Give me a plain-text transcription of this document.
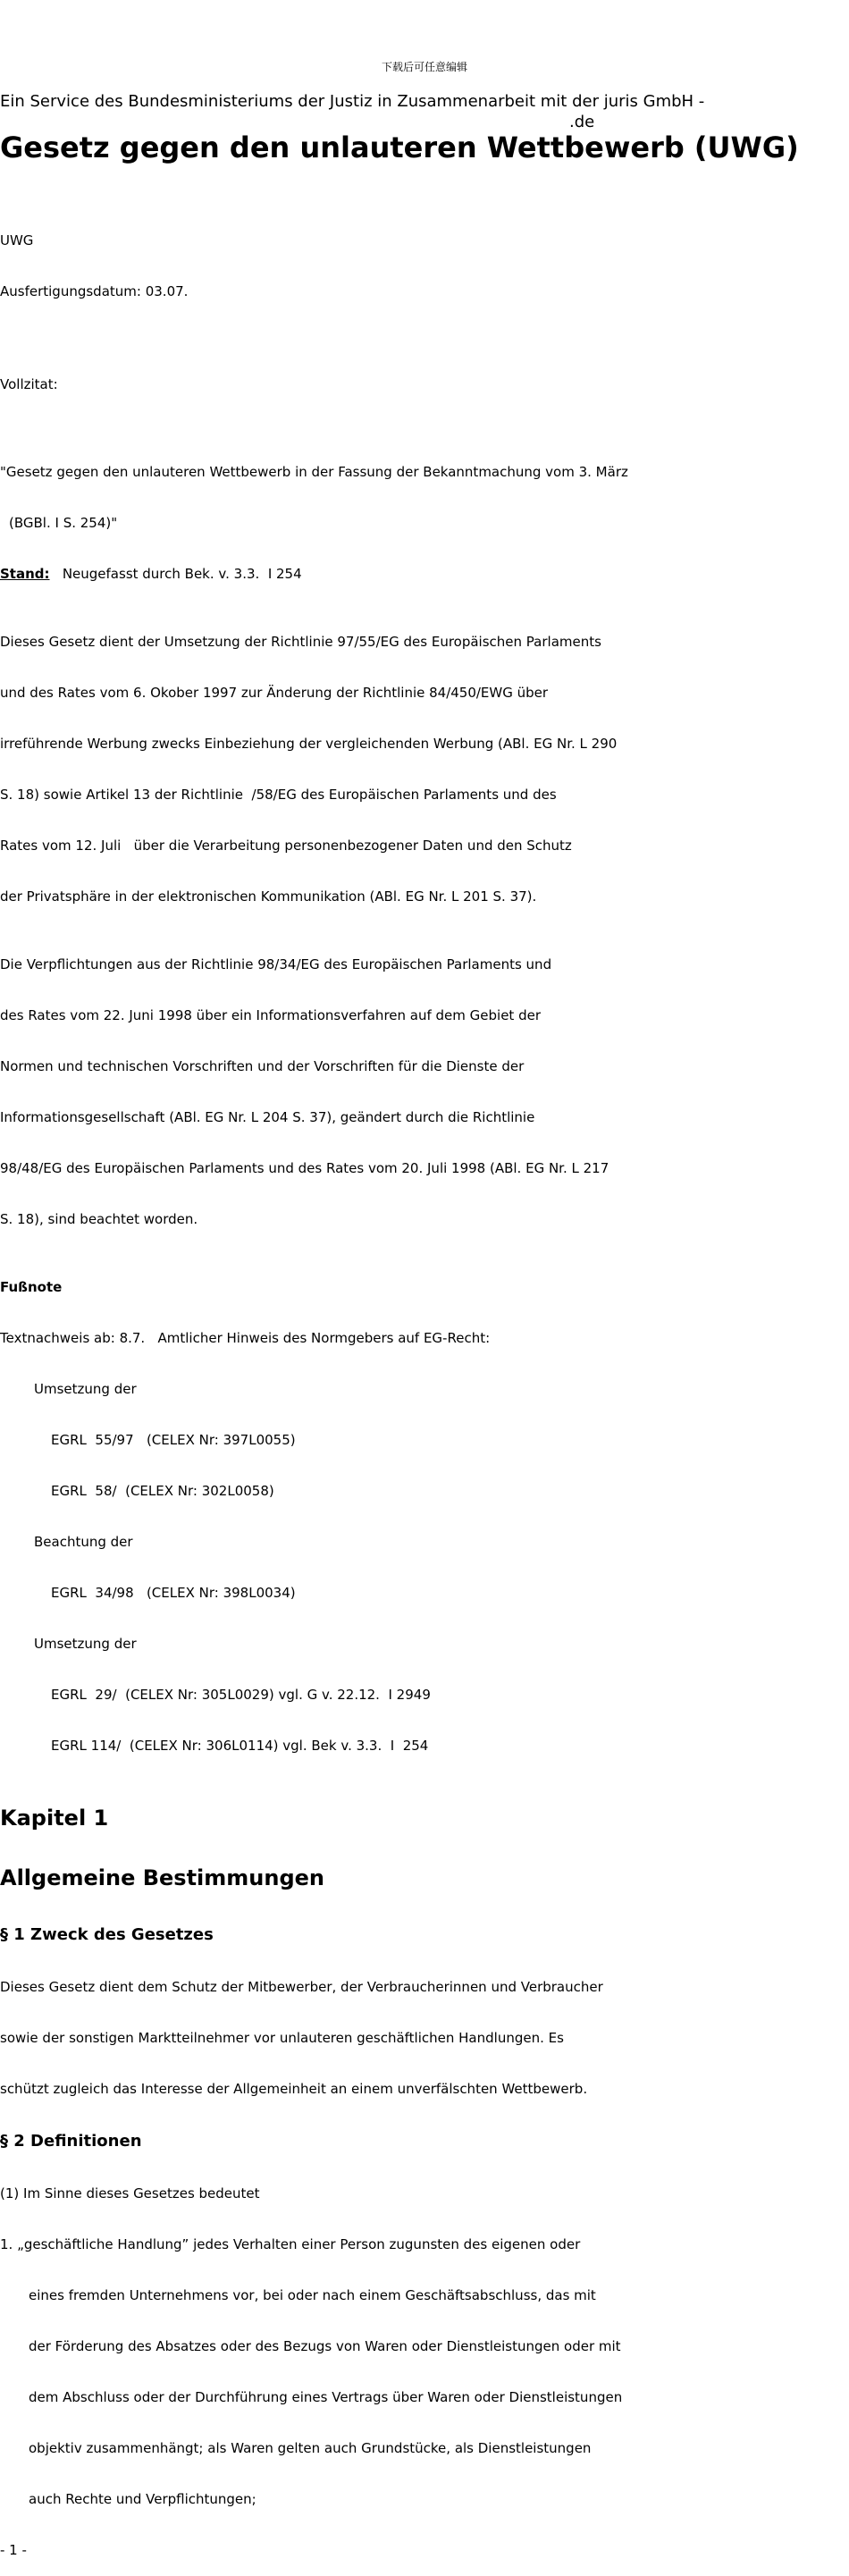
下载后可任意编辑
Ein Service des Bundesministeriums der Justiz in Zusammenarbeit mit der juris GmbH -
.de
Gesetz gegen den unlauteren Wettbewerb (UWG)

UWG

Ausfertigungsdatum: 03.07.

Vollzitat:

"Gesetz gegen den unlauteren Wettbewerb in der Fassung der Bekanntmachung vom 3. März

(BGBl. I S. 254)"

Stand:   Neugefasst durch Bek. v. 3.3.  I 254

Dieses Gesetz dient der Umsetzung der Richtlinie 97/55/EG des Europäischen Parlaments

und des Rates vom 6. Okober 1997 zur Änderung der Richtlinie 84/450/EWG über

irreführende Werbung zwecks Einbeziehung der vergleichenden Werbung (ABl. EG Nr. L 290

S. 18) sowie Artikel 13 der Richtlinie  /58/EG des Europäischen Parlaments und des

Rates vom 12. Juli   über die Verarbeitung personenbezogener Daten und den Schutz

der Privatsphäre in der elektronischen Kommunikation (ABl. EG Nr. L 201 S. 37).

Die Verpflichtungen aus der Richtlinie 98/34/EG des Europäischen Parlaments und

des Rates vom 22. Juni 1998 über ein Informationsverfahren auf dem Gebiet der

Normen und technischen Vorschriften und der Vorschriften für die Dienste der

Informationsgesellschaft (ABl. EG Nr. L 204 S. 37), geändert durch die Richtlinie

98/48/EG des Europäischen Parlaments und des Rates vom 20. Juli 1998 (ABl. EG Nr. L 217

S. 18), sind beachtet worden.

Fußnote

Textnachweis ab: 8.7.   Amtlicher Hinweis des Normgebers auf EG-Recht:

Umsetzung der

EGRL  55/97   (CELEX Nr: 397L0055)

EGRL  58/  (CELEX Nr: 302L0058)

Beachtung der

EGRL  34/98   (CELEX Nr: 398L0034)

Umsetzung der

EGRL  29/  (CELEX Nr: 305L0029) vgl. G v. 22.12.  I 2949

EGRL 114/  (CELEX Nr: 306L0114) vgl. Bek v. 3.3.  I  254

Kapitel 1

Allgemeine Bestimmungen

§ 1 Zweck des Gesetzes

Dieses Gesetz dient dem Schutz der Mitbewerber, der Verbraucherinnen und Verbraucher

sowie der sonstigen Marktteilnehmer vor unlauteren geschäftlichen Handlungen. Es

schützt zugleich das Interesse der Allgemeinheit an einem unverfälschten Wettbewerb.

§ 2 Definitionen

(1) Im Sinne dieses Gesetzes bedeutet

1. „geschäftliche Handlung” jedes Verhalten einer Person zugunsten des eigenen oder

eines fremden Unternehmens vor, bei oder nach einem Geschäftsabschluss, das mit

der Förderung des Absatzes oder des Bezugs von Waren oder Dienstleistungen oder mit

dem Abschluss oder der Durchführung eines Vertrags über Waren oder Dienstleistungen

objektiv zusammenhängt; als Waren gelten auch Grundstücke, als Dienstleistungen

auch Rechte und Verpflichtungen;

- 1 -
